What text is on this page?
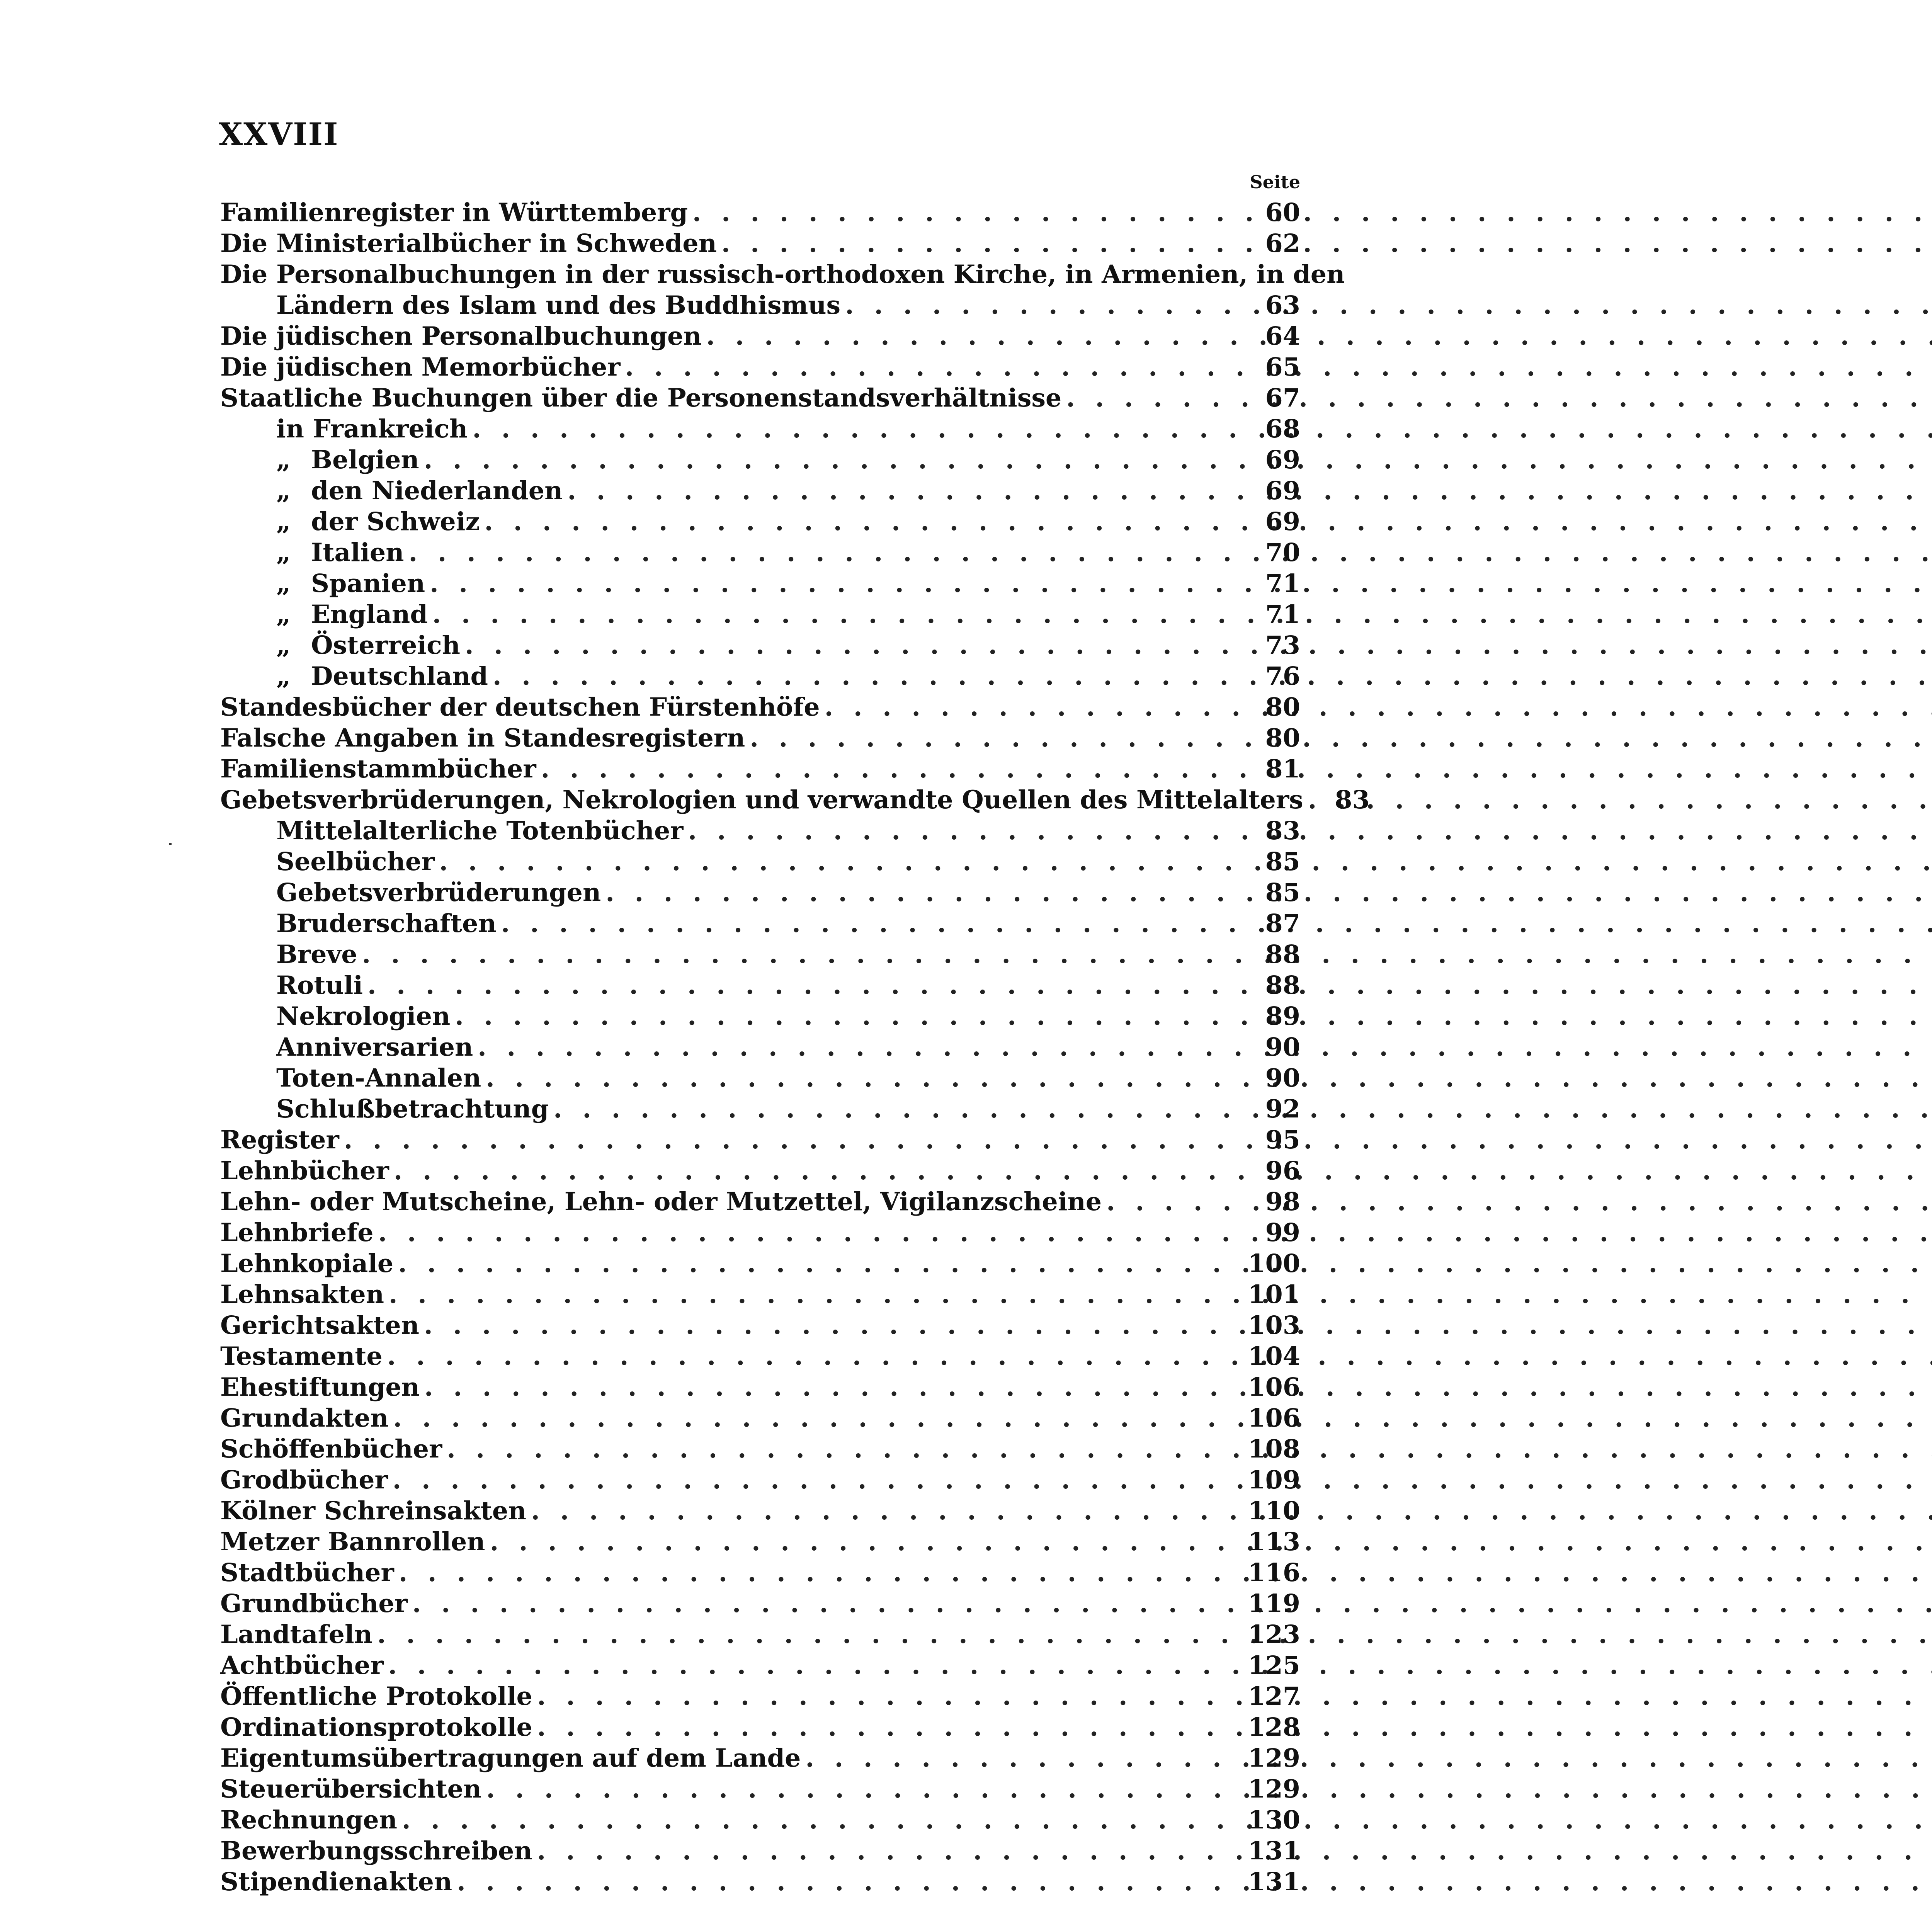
XXVIII
Seite
Familienregister in Württemberg . . .	60
Die Ministerialbücher in Schweden . . .	62
Die Personalbuchungen in der russisch-orthodoxen Kirche, in Armenien, in den
Ländern des Islam und des Buddhismus . . .	63
Die jüdischen Personalbuchungen . . .	64
Die jüdischen Memorbücher . . .	65
Staatliche Buchungen über die Personenstandsverhältnisse . . .	67
in Frankreich . . .	68
„ Belgien . . .	69
„ den Niederlanden . . .	69
„ der Schweiz . . .	69
„ Italien . . .	70
„ Spanien . . .	71
„ England . . .	71
„ Österreich . . .	73
„ Deutschland . . .	76
Standesbücher der deutschen Fürstenhöfe . . .	80
Falsche Angaben in Standesregistern . . .	80
Familienstammbücher . . .	81
Gebetsverbrüderungen, Nekrologien und verwandte Quellen des Mittelalters . . .	83
Mittelalterliche Totenbücher . . .	83
Seelbücher . . .	85
Gebetsverbrüderungen . . .	85
Bruderschaften . . .	87
Breve . . .	88
Rotuli . . .	88
Nekrologien . . .	89
Anniversarien . . .	90
Toten-Annalen . . .	90
Schlußbetrachtung . . .	92
Register . . .	95
Lehnbücher . . .	96
Lehn- oder Mutscheine, Lehn- oder Mutzettel, Vigilanzscheine . . .	98
Lehnbriefe . . .	99
Lehnkopiale . . .	100
Lehnsakten . . .	101
Gerichtsakten . . .	103
Testamente . . .	104
Ehestiftungen . . .	106
Grundakten . . .	106
Schöffenbücher . . .	108
Grodbücher . . .	109
Kölner Schreinsakten . . .	110
Metzer Bannrollen . . .	113
Stadtbücher . . .	116
Grundbücher . . .	119
Landtafeln . . .	123
Achtbücher . . .	125
Öffentliche Protokolle . . .	127
Ordinationsprotokolle . . .	128
Eigentumsübertragungen auf dem Lande . . .	129
Steuerübersichten . . .	129
Rechnungen . . .	130
Bewerbungsschreiben . . .	131
Stipendienakten . . .	131
